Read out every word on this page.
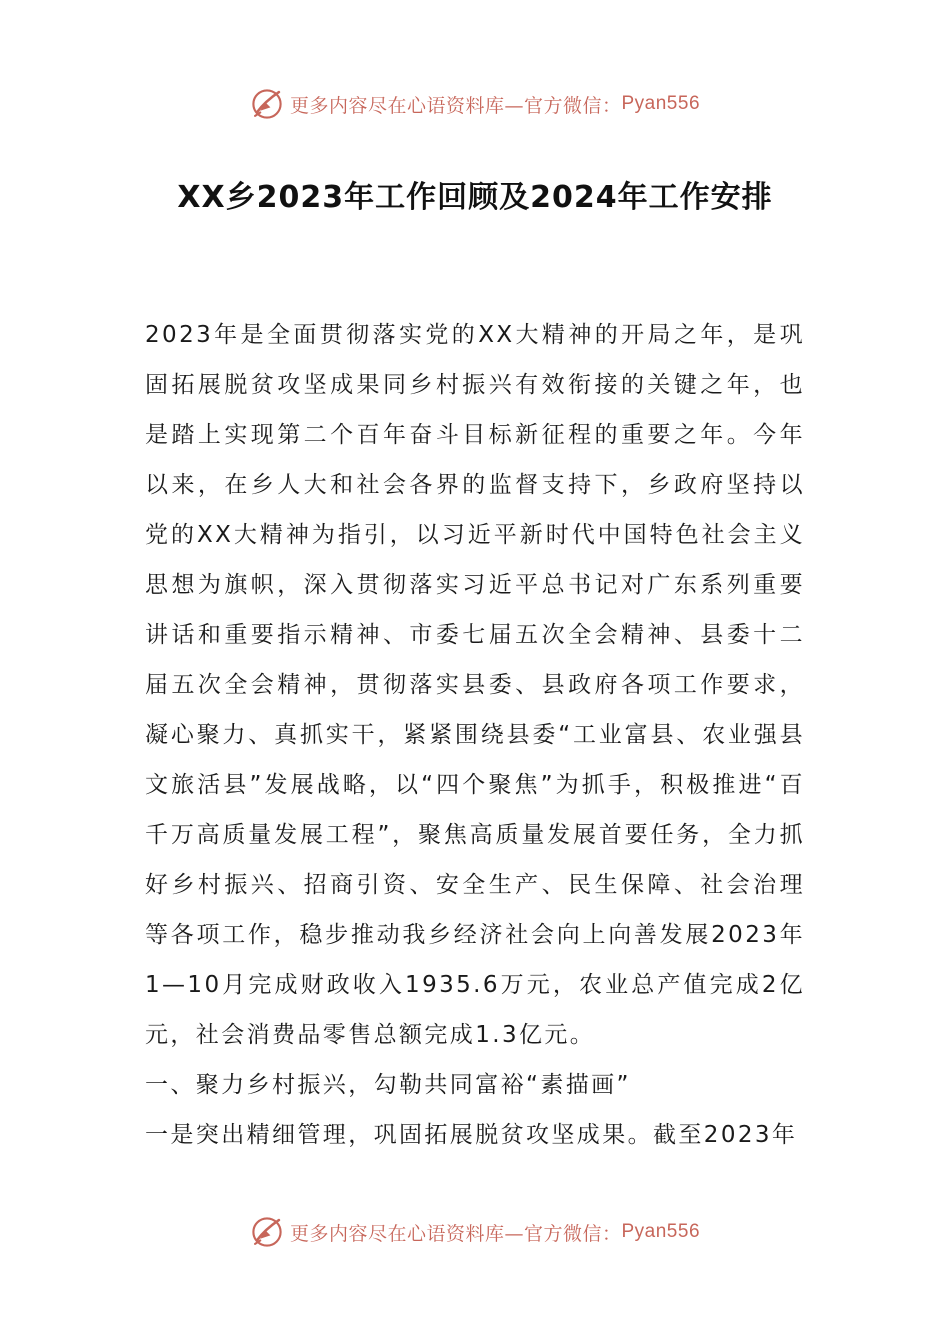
更多内容尽在心语资料库—官方微信： Pyan556
XX乡2023年工作回顾及2024年工作安排

2023年是全面贯彻落实党的XX大精神的开局之年，是巩固拓展脱贫攻坚成果同乡村振兴有效衔接的关键之年，也是踏上实现第二个百年奋斗目标新征程的重要之年。今年以来，在乡人大和社会各界的监督支持下，乡政府坚持以党的XX大精神为指引，以习近平新时代中国特色社会主义思想为旗帜，深入贯彻落实习近平总书记对广东系列重要讲话和重要指示精神、市委七届五次全会精神、县委十二届五次全会精神，贯彻落实县委、县政府各项工作要求，凝心聚力、真抓实干，紧紧围绕县委“工业富县、农业强县文旅活县”发展战略，以“四个聚焦”为抓手，积极推进“百千万高质量发展工程”，聚焦高质量发展首要任务，全力抓好乡村振兴、招商引资、安全生产、民生保障、社会治理等各项工作，稳步推动我乡经济社会向上向善发展2023年1—10月完成财政收入1935.6万元，农业总产值完成2亿元，社会消费品零售总额完成1.3亿元。

一、聚力乡村振兴，勾勒共同富裕“素描画”

一是突出精细管理，巩固拓展脱贫攻坚成果。截至2023年

更多内容尽在心语资料库—官方微信： Pyan556
